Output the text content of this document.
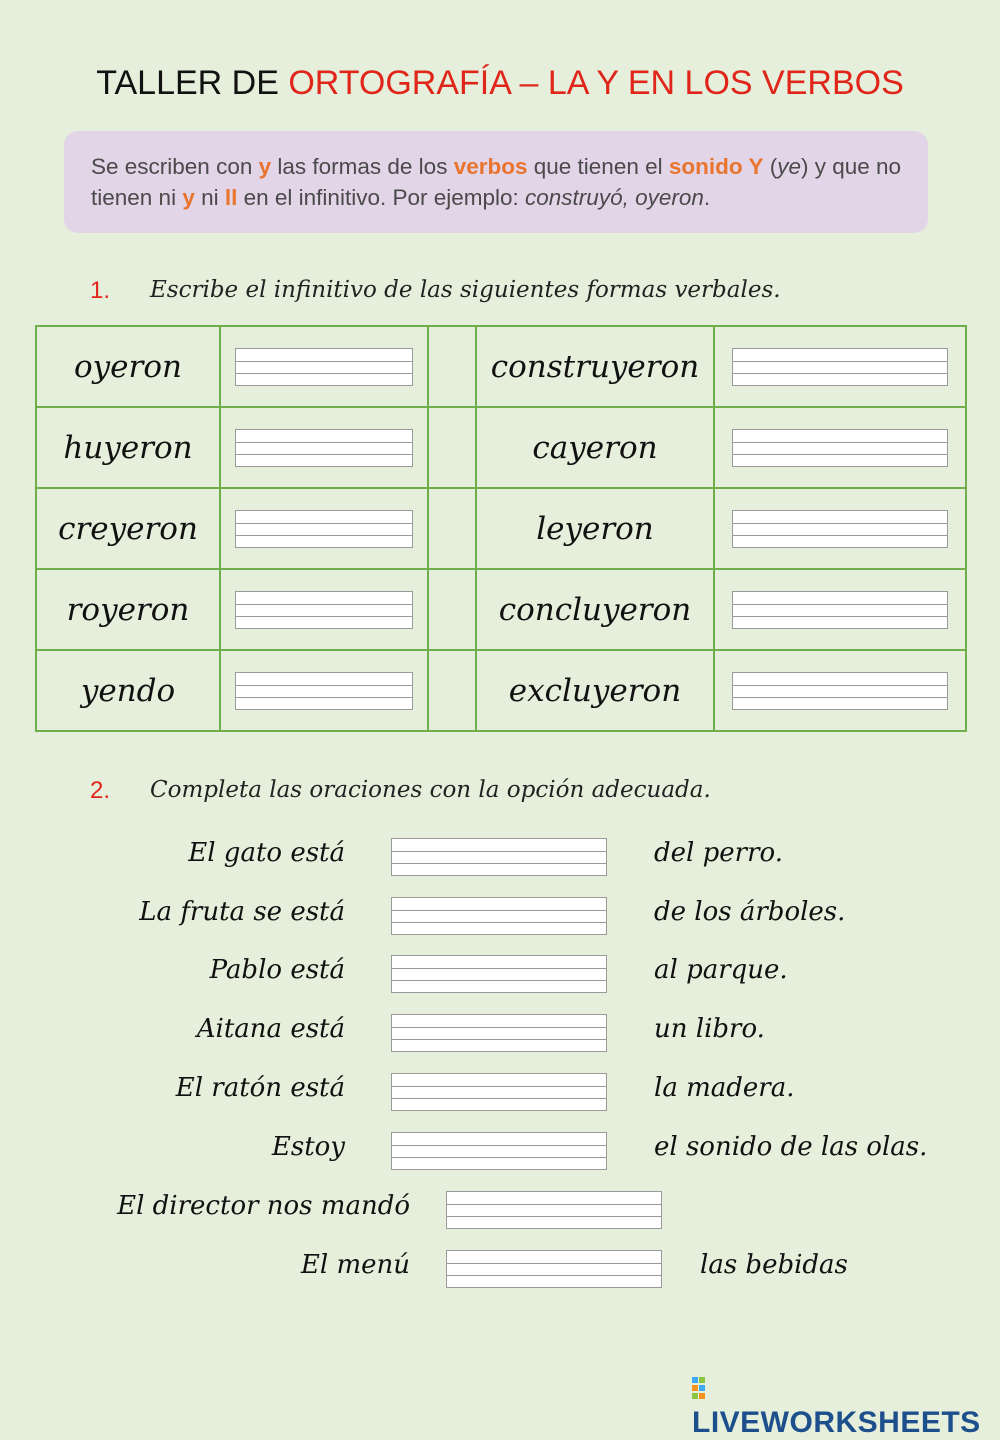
TALLER DE ORTOGRAFÍA – LA Y EN LOS VERBOS
Se escriben con y las formas de los verbos que tienen el sonido Y (ye) y que no tienen ni y ni ll en el infinitivo. Por ejemplo: construyó, oyeron.
1. Escribe el infinitivo de las siguientes formas verbales.
oyeron			construyeron	

huyeron			cayeron	

creyeron			leyeron	

royeron			concluyeron	

yendo			excluyeron	
2. Completa las oraciones con la opción adecuada.
El gato está	del perro.
La fruta se está	de los árboles.
Pablo está	al parque.
Aitana está	un libro.
El ratón está	la madera.
Estoy	el sonido de las olas.
El director nos mandó
El menú	las bebidas
LIVEWORKSHEETS
